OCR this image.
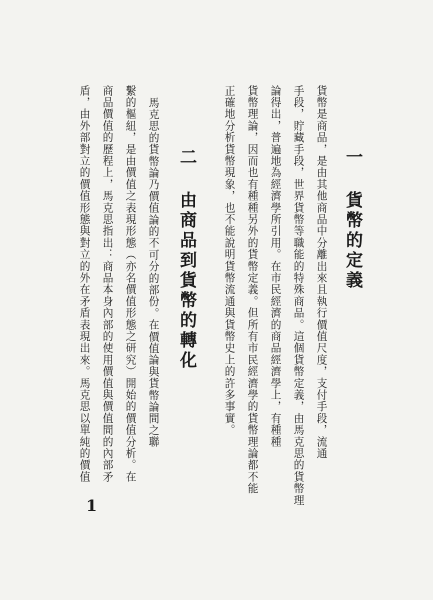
一 貨幣的定義
貨幣是商品，是由其他商品中分離出來且執行價值尺度，支付手段，流通
手段，貯藏手段，世界貨幣等職能的特殊商品。這個貨幣定義，由馬克思的貨幣理
論得出，普遍地為經濟學所引用。在市民經濟的商品經濟學上，有種種
貨幣理論，因而也有種種另外的貨幣定義。但所有市民經濟學的貨幣理論都不能
正確地分析貨幣現象，也不能說明貨幣流通與貨幣史上的許多事實。
二 由商品到貨幣的轉化
馬克思的貨幣論乃價值論的不可分的部份。在價值論與貨幣論間之聯
繫的樞紐，是由價值之表現形態（亦名價值形態之研究）開始的價值分析。在
商品價值的歷程上，馬克思指出：商品本身內部的使用價值與價值間的內部矛
盾，由外部對立的價值形態與對立的外在矛盾表現出來。馬克思以單純的價值
1
